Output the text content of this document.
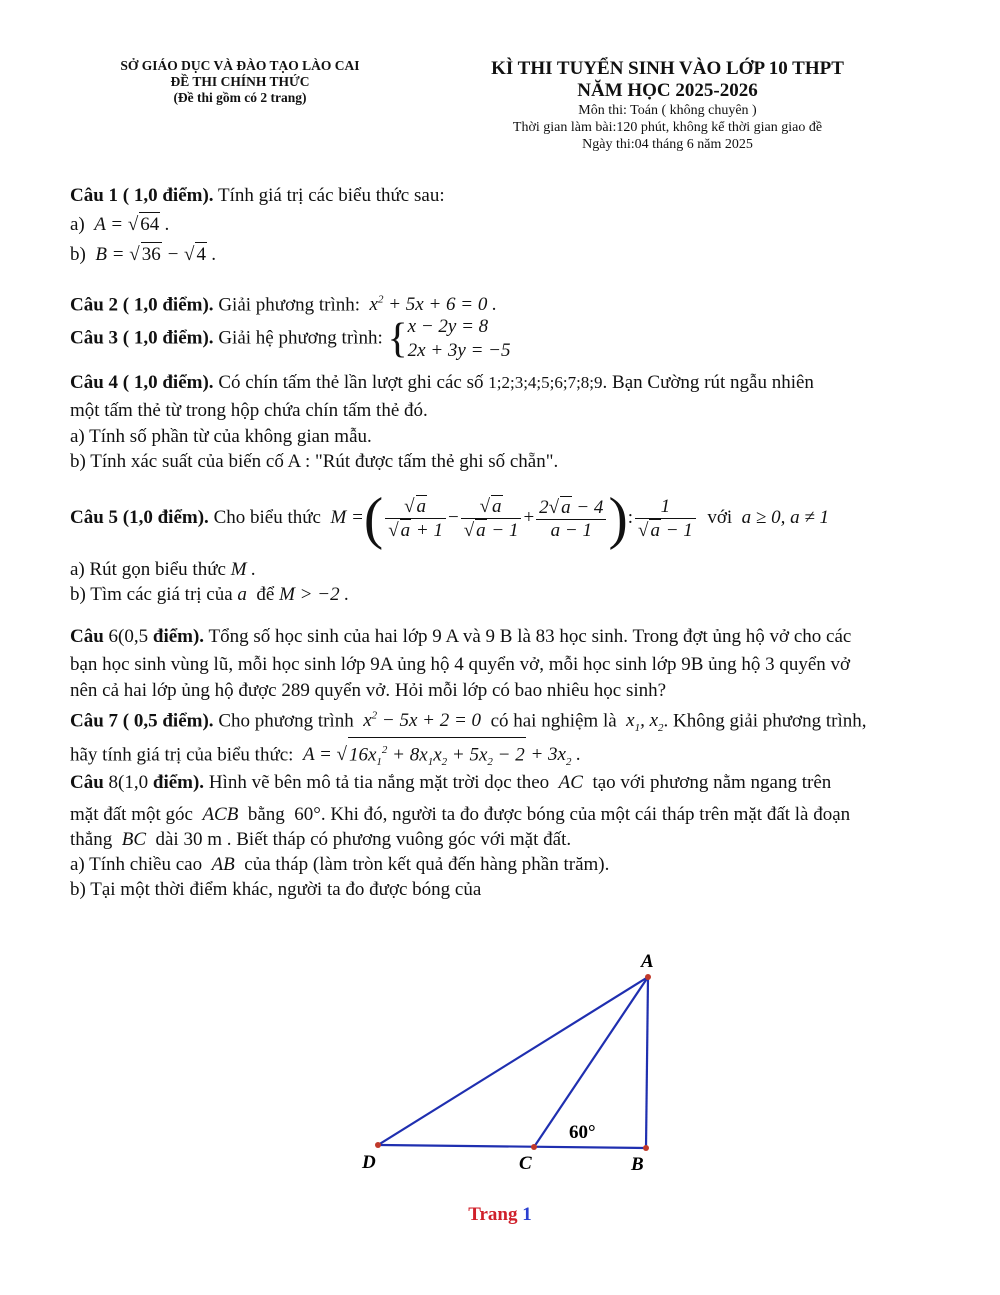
SỞ GIÁO DỤC VÀ ĐÀO TẠO LÀO CAI
ĐỀ THI CHÍNH THỨC
(Đề thi gồm có 2 trang)
KÌ THI TUYỂN SINH VÀO LỚP 10 THPT
NĂM HỌC 2025-2026
Môn thi: Toán ( không chuyên )
Thời gian làm bài:120 phút, không kể thời gian giao đề
Ngày thi:04 tháng 6 năm 2025
Câu 1 ( 1,0 điểm). Tính giá trị các biểu thức sau:
a)  A = √ 64 .
b)  B = √ 36 − √ 4 .
Câu 2 ( 1,0 điểm). Giải phương trình:  $x^2 + 5x + 6 = 0$ .
Câu 3 ( 1,0 điểm). Giải hệ phương trình: {x − 2y = 8
2x + 3y = −5
Câu 4 ( 1,0 điểm). Có chín tấm thẻ lần lượt ghi các số 1;2;3;4;5;6;7;8;9. Bạn Cường rút ngẫu nhiên
một tấm thẻ từ trong hộp chứa chín tấm thẻ đó.
a) Tính số phần từ của không gian mẫu.
b) Tính xác suất của biến cố A : "Rút được tấm thẻ ghi số chẵn".
Câu 5 (1,0 điểm). Cho biểu thức  M =( $\frac{√ a}{√ a + 1} - \frac{√ a}{√ a - 1} + \frac{2√ a - 4}{a - 1}$ ): $\frac{1}{√ a - 1}$ với  a ≥ 0, a ≠ 1
a) Rút gọn biểu thức M .
b) Tìm các giá trị của a  để M > −2 .
Câu 6(0,5 điểm). Tổng số học sinh của hai lớp 9 A và 9 B là 83 học sinh. Trong đợt ủng hộ vở cho các
bạn học sinh vùng lũ, mỗi học sinh lớp 9A ủng hộ 4 quyển vở, mỗi học sinh lớp 9B ủng hộ 3 quyển vở
nên cả hai lớp ủng hộ được 289 quyển vở. Hỏi mỗi lớp có bao nhiêu học sinh?
Câu 7 ( 0,5 điểm). Cho phương trình  $x^2 - 5x + 2 = 0$  có hai nghiệm là  $x_1$, $x_2$. Không giải phương trình,
hãy tính giá trị của biểu thức:  A = √ $16x_1^2 + 8x_1x_2 + 5x_2 - 2 + 3x_2$ .
Câu 8(1,0 điểm). Hình vẽ bên mô tả tia nắng mặt trời dọc theo  AC  tạo với phương nằm ngang trên
mặt đất một góc  ACB  bằng  60°. Khi đó, người ta đo được bóng của một cái tháp trên mặt đất là đoạn
thẳng  BC  dài 30 m . Biết tháp có phương vuông góc với mặt đất.
a) Tính chiều cao  AB  của tháp (làm tròn kết quả đến hàng phần trăm).
b) Tại một thời điểm khác, người ta đo được bóng của
A
B
C
D
60°
Trang 1
